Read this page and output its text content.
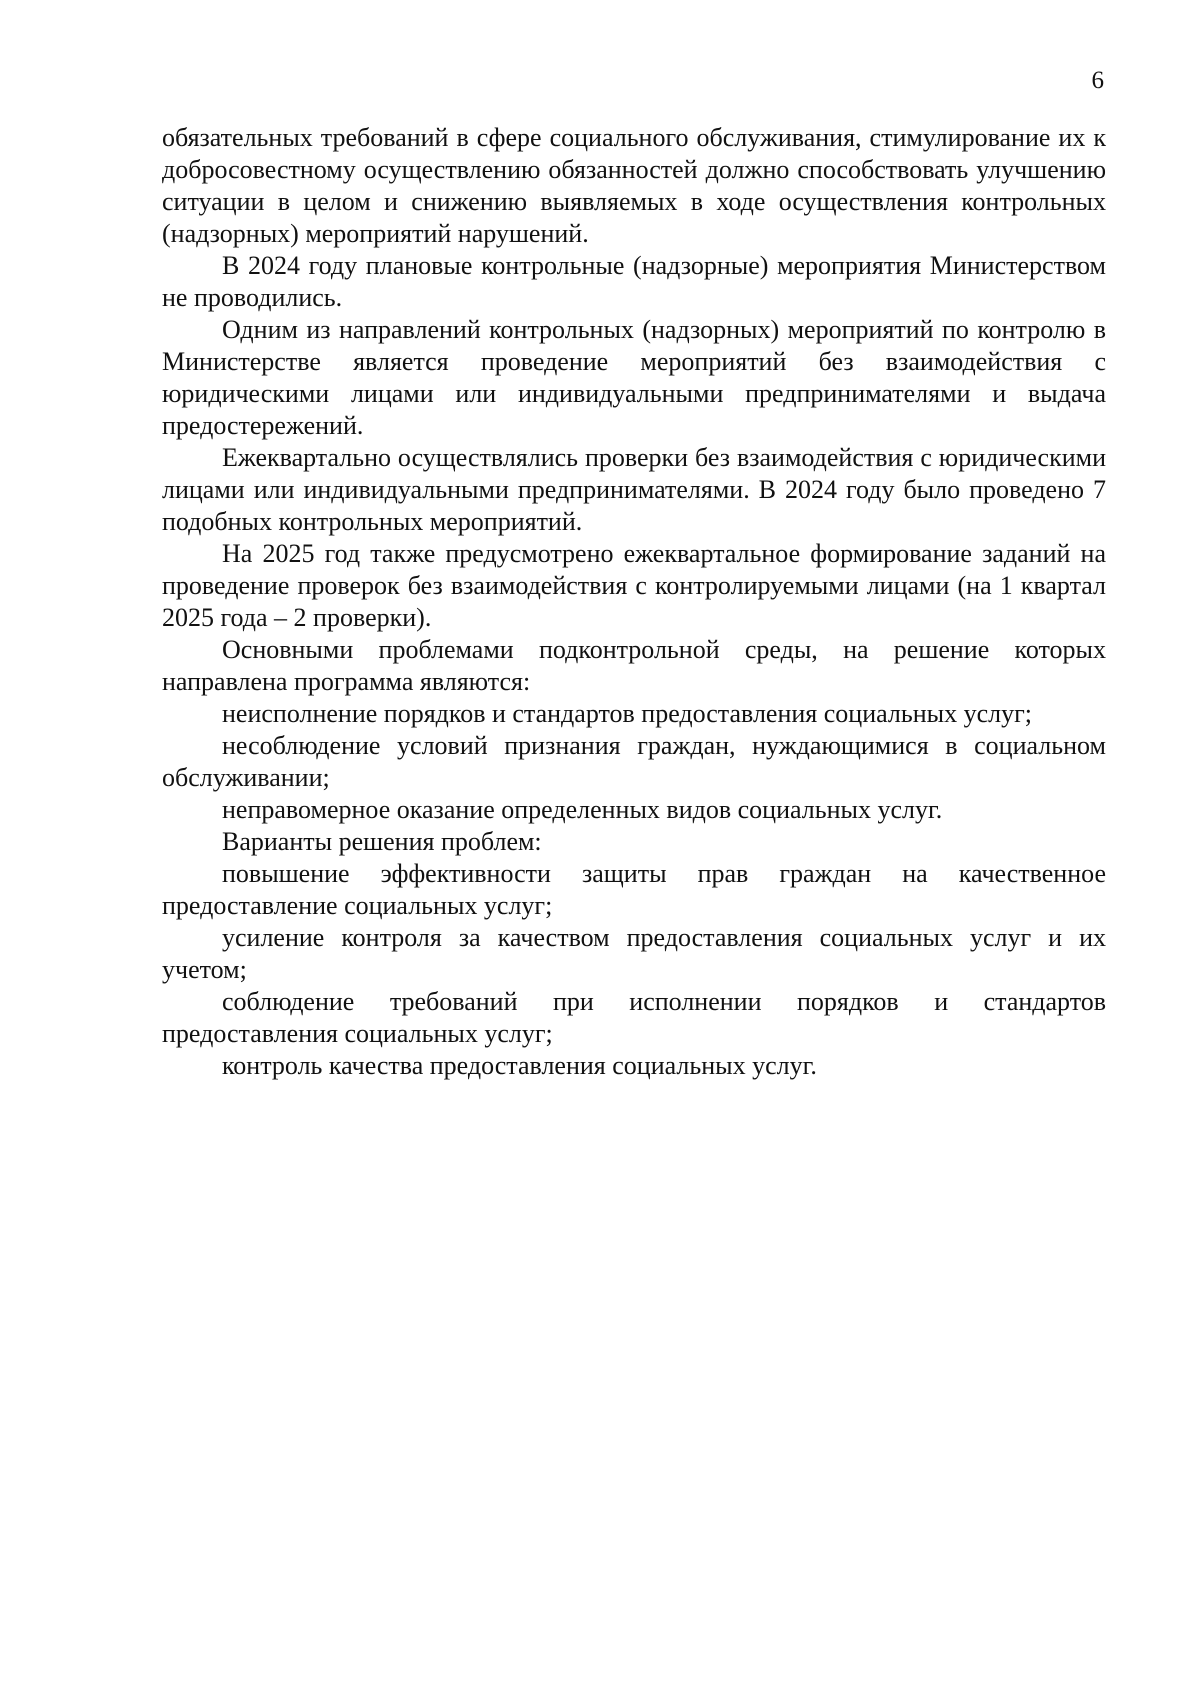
6

обязательных требований в сфере социального обслуживания, стимулирование их к добросовестному осуществлению обязанностей должно способствовать улучшению ситуации в целом и снижению выявляемых в ходе осуществления контрольных (надзорных) мероприятий нарушений.

В 2024 году плановые контрольные (надзорные) мероприятия Министерством не проводились.

Одним из направлений контрольных (надзорных) мероприятий по контролю в Министерстве является проведение мероприятий без взаимодействия с юридическими лицами или индивидуальными предпринимателями и выдача предостережений.

Ежеквартально осуществлялись проверки без взаимодействия с юридическими лицами или индивидуальными предпринимателями. В 2024 году было проведено 7 подобных контрольных мероприятий.

На 2025 год также предусмотрено ежеквартальное формирование заданий на проведение проверок без взаимодействия с контролируемыми лицами (на 1 квартал 2025 года – 2 проверки).

Основными проблемами подконтрольной среды, на решение которых направлена программа являются:

неисполнение порядков и стандартов предоставления социальных услуг;

несоблюдение условий признания граждан, нуждающимися в социальном обслуживании;

неправомерное оказание определенных видов социальных услуг.

Варианты решения проблем:

повышение эффективности защиты прав граждан на качественное предоставление социальных услуг;

усиление контроля за качеством предоставления социальных услуг и их учетом;

соблюдение требований при исполнении порядков и стандартов предоставления социальных услуг;

контроль качества предоставления социальных услуг.
